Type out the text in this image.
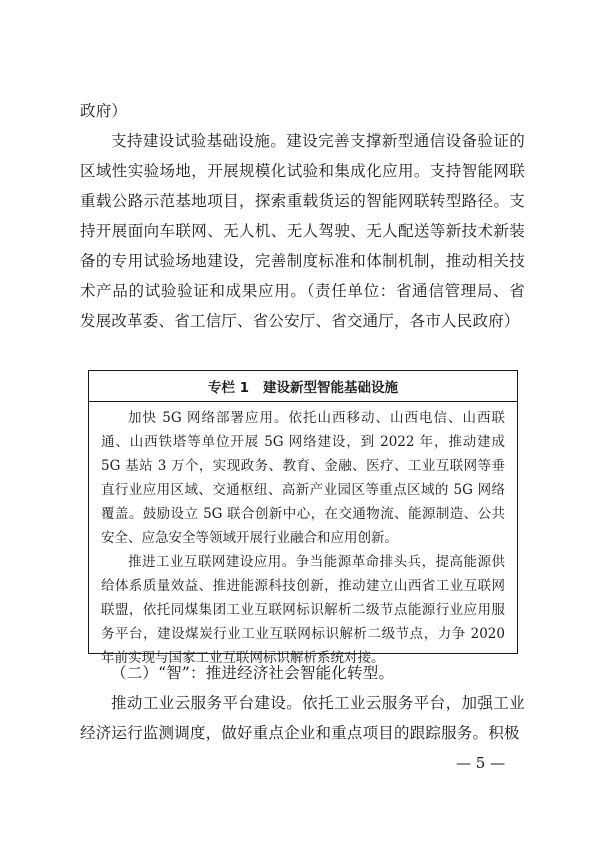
政府）

支持建设试验基础设施。建设完善支撑新型通信设备验证的区域性实验场地，开展规模化试验和集成化应用。支持智能网联重载公路示范基地项目，探索重载货运的智能网联转型路径。支持开展面向车联网、无人机、无人驾驶、无人配送等新技术新装备的专用试验场地建设，完善制度标准和体制机制，推动相关技术产品的试验验证和成果应用。（责任单位：省通信管理局、省发展改革委、省工信厅、省公安厅、省交通厅，各市人民政府）

专栏 1 建设新型智能基础设施

加快 5G 网络部署应用。依托山西移动、山西电信、山西联通、山西铁塔等单位开展 5G 网络建设，到 2022 年，推动建成 5G 基站 3 万个，实现政务、教育、金融、医疗、工业互联网等垂直行业应用区域、交通枢纽、高新产业园区等重点区域的 5G 网络覆盖。鼓励设立 5G 联合创新中心，在交通物流、能源制造、公共安全、应急安全等领域开展行业融合和应用创新。

推进工业互联网建设应用。争当能源革命排头兵，提高能源供给体系质量效益、推进能源科技创新，推动建立山西省工业互联网联盟，依托同煤集团工业互联网标识解析二级节点能源行业应用服务平台，建设煤炭行业工业互联网标识解析二级节点，力争 2020 年前实现与国家工业互联网标识解析系统对接。

（二）“智”：推进经济社会智能化转型。

推动工业云服务平台建设。依托工业云服务平台，加强工业经济运行监测调度，做好重点企业和重点项目的跟踪服务。积极

— 5 —
